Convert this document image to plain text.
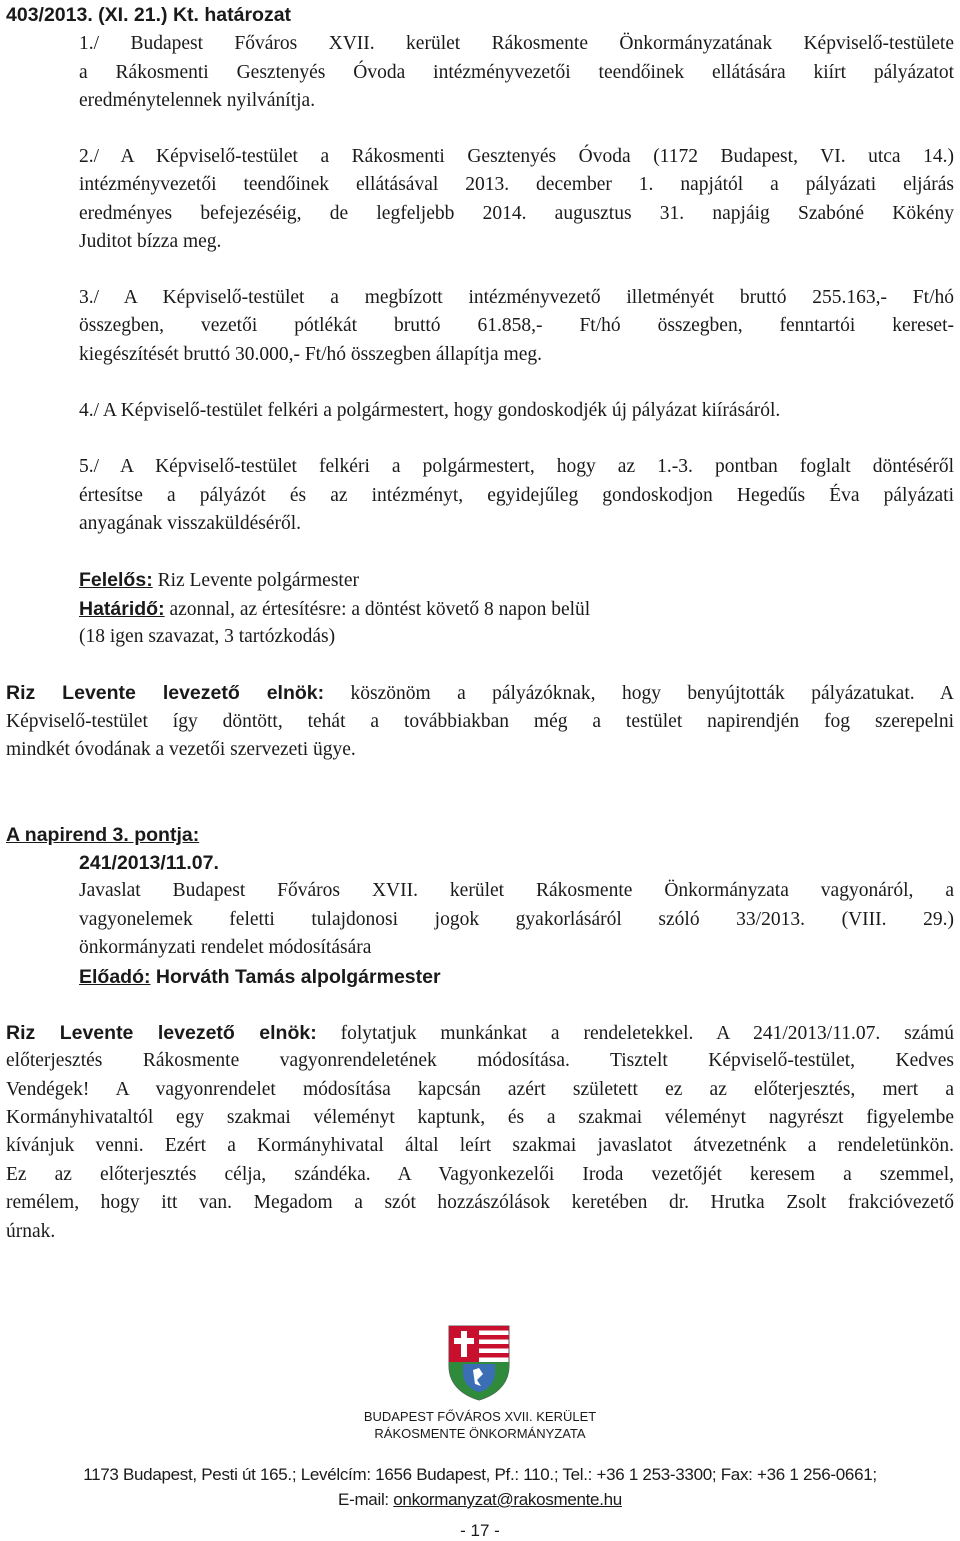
403/2013. (XI. 21.) Kt. határozat
1./ Budapest Főváros XVII. kerület Rákosmente Önkormányzatának Képviselő-testülete
a Rákosmenti Gesztenyés Óvoda intézményvezetői teendőinek ellátására kiírt pályázatot
eredménytelennek nyilvánítja.
2./ A Képviselő-testület a Rákosmenti Gesztenyés Óvoda (1172 Budapest, VI. utca 14.)
intézményvezetői teendőinek ellátásával 2013. december 1. napjától a pályázati eljárás
eredményes befejezéséig, de legfeljebb 2014. augusztus 31. napjáig Szabóné Kökény
Juditot bízza meg.
3./ A Képviselő-testület a megbízott intézményvezető illetményét bruttó 255.163,- Ft/hó
összegben, vezetői pótlékát bruttó 61.858,- Ft/hó összegben, fenntartói kereset-
kiegészítését bruttó 30.000,- Ft/hó összegben állapítja meg.
4./ A Képviselő-testület felkéri a polgármestert, hogy gondoskodjék új pályázat kiírásáról.
5./ A Képviselő-testület felkéri a polgármestert, hogy az 1.-3. pontban foglalt döntéséről
értesítse a pályázót és az intézményt, egyidejűleg gondoskodjon Hegedűs Éva pályázati
anyagának visszaküldéséről.
Felelős: Riz Levente polgármester
Határidő: azonnal, az értesítésre: a döntést követő 8 napon belül
(18 igen szavazat, 3 tartózkodás)
Riz Levente levezető elnök: köszönöm a pályázóknak, hogy benyújtották pályázatukat. A
Képviselő-testület így döntött, tehát a továbbiakban még a testület napirendjén fog szerepelni
mindkét óvodának a vezetői szervezeti ügye.
A napirend 3. pontja:
241/2013/11.07.
Javaslat Budapest Főváros XVII. kerület Rákosmente Önkormányzata vagyonáról, a
vagyonelemek feletti tulajdonosi jogok gyakorlásáról szóló 33/2013. (VIII. 29.)
önkormányzati rendelet módosítására
Előadó: Horváth Tamás alpolgármester
Riz Levente levezető elnök: folytatjuk munkánkat a rendeletekkel. A 241/2013/11.07. számú
előterjesztés Rákosmente vagyonrendeletének módosítása. Tisztelt Képviselő-testület, Kedves
Vendégek! A vagyonrendelet módosítása kapcsán azért született ez az előterjesztés, mert a
Kormányhivataltól egy szakmai véleményt kaptunk, és a szakmai véleményt nagyrészt figyelembe
kívánjuk venni. Ezért a Kormányhivatal által leírt szakmai javaslatot átvezetnénk a rendeletünkön.
Ez az előterjesztés célja, szándéka. A Vagyonkezelői Iroda vezetőjét keresem a szemmel,
remélem, hogy itt van. Megadom a szót hozzászólások keretében dr. Hrutka Zsolt frakcióvezető
úrnak.
BUDAPEST FŐVÁROS XVII. KERÜLET
RÁKOSMENTE ÖNKORMÁNYZATA
1173 Budapest, Pesti út 165.; Levélcím: 1656 Budapest, Pf.: 110.; Tel.: +36 1 253-3300; Fax: +36 1 256-0661;
E-mail: onkormanyzat@rakosmente.hu
- 17 -
